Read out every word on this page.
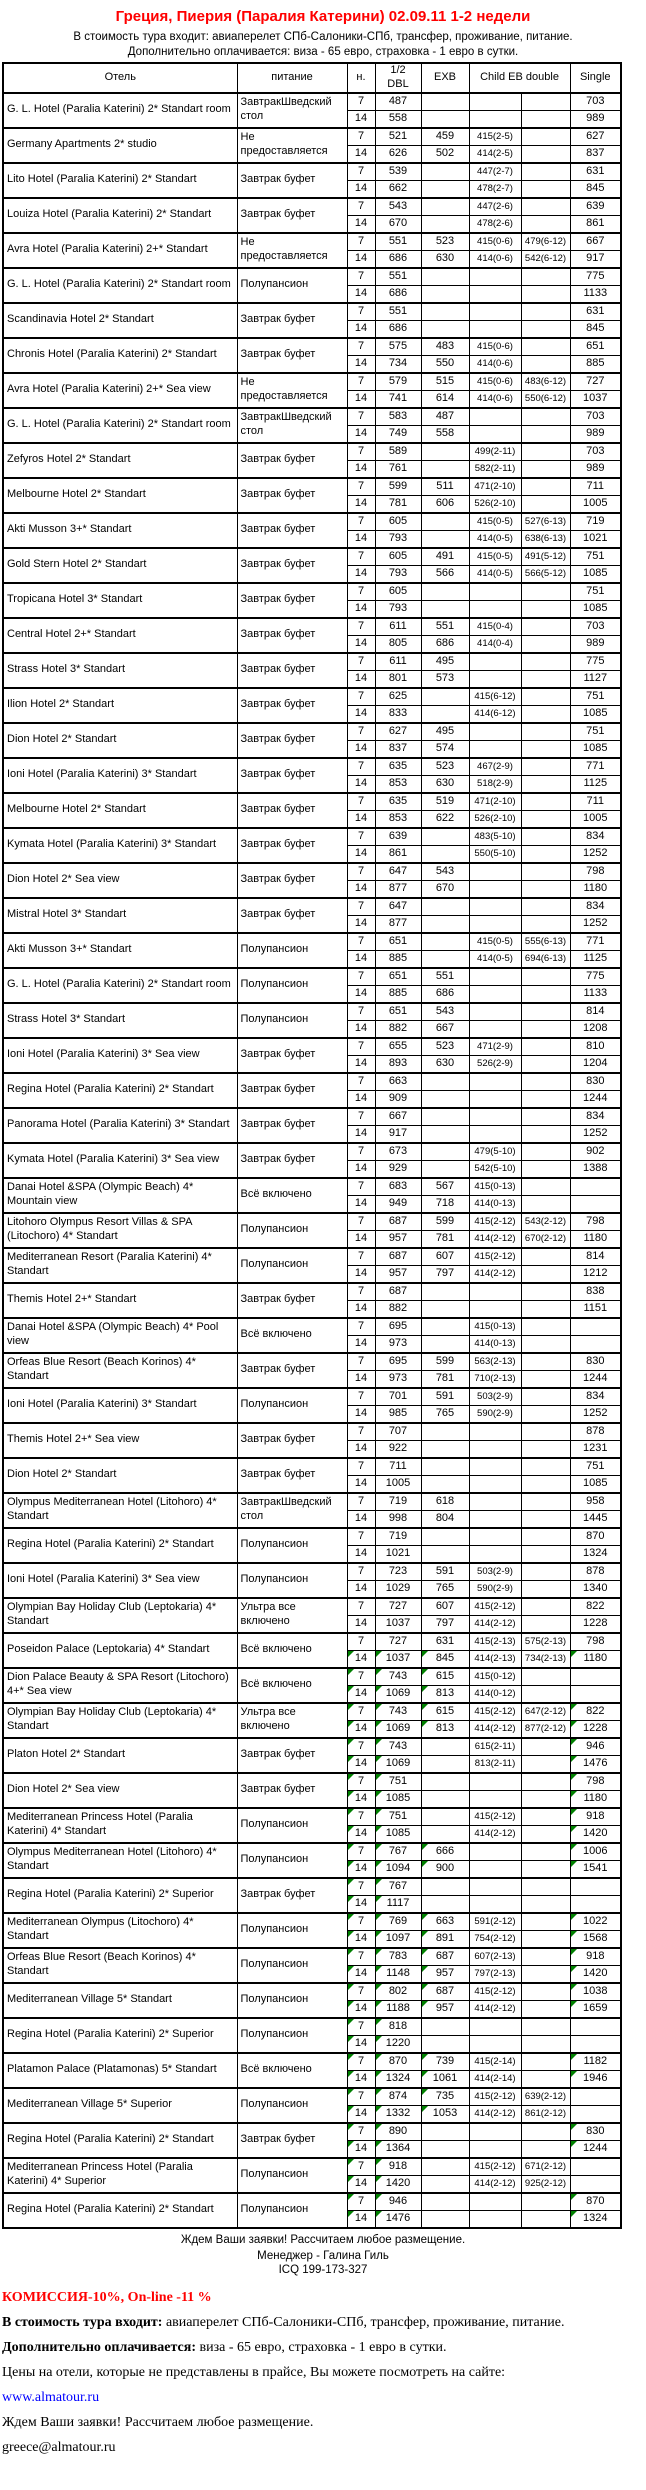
Греция, Пиерия (Паралия Катерини) 02.09.11 1-2 недели
В стоимость тура входит: авиаперелет СПб-Салоники-СПб, трансфер, проживание, питание.
Дополнительно оплачивается: виза - 65 евро, страховка - 1 евро в сутки.
Отель	питание	н.	1/2 DBL	EXB	Child EB double		Single
G. L. Hotel (Paralia Katerini) 2* Standart room	ЗавтракШведский стол	7	487				703
		14	558				989
Germany Apartments 2* studio	Не предоставляется	7	521	459	415(2-5)		627
		14	626	502	414(2-5)		837
Lito Hotel (Paralia Katerini) 2* Standart	Завтрак буфет	7	539		447(2-7)		631
		14	662		478(2-7)		845
Louiza Hotel (Paralia Katerini) 2* Standart	Завтрак буфет	7	543		447(2-6)		639
		14	670		478(2-6)		861
Avra Hotel (Paralia Katerini) 2+* Standart	Не предоставляется	7	551	523	415(0-6)	479(6-12)	667
		14	686	630	414(0-6)	542(6-12)	917
G. L. Hotel (Paralia Katerini) 2* Standart room	Полупансион	7	551				775
		14	686				1133
Scandinavia Hotel 2* Standart	Завтрак буфет	7	551				631
		14	686				845
Chronis Hotel (Paralia Katerini) 2* Standart	Завтрак буфет	7	575	483	415(0-6)		651
		14	734	550	414(0-6)		885
Avra Hotel (Paralia Katerini) 2+* Sea view	Не предоставляется	7	579	515	415(0-6)	483(6-12)	727
		14	741	614	414(0-6)	550(6-12)	1037
G. L. Hotel (Paralia Katerini) 2* Standart room	ЗавтракШведский стол	7	583	487			703
		14	749	558			989
Zefyros Hotel 2* Standart	Завтрак буфет	7	589		499(2-11)		703
		14	761		582(2-11)		989
Melbourne Hotel 2* Standart	Завтрак буфет	7	599	511	471(2-10)		711
		14	781	606	526(2-10)		1005
Akti Musson 3+* Standart	Завтрак буфет	7	605		415(0-5)	527(6-13)	719
		14	793		414(0-5)	638(6-13)	1021
Gold Stern Hotel 2* Standart	Завтрак буфет	7	605	491	415(0-5)	491(5-12)	751
		14	793	566	414(0-5)	566(5-12)	1085
Tropicana Hotel 3* Standart	Завтрак буфет	7	605				751
		14	793				1085
Central Hotel 2+* Standart	Завтрак буфет	7	611	551	415(0-4)		703
		14	805	686	414(0-4)		989
Strass Hotel 3* Standart	Завтрак буфет	7	611	495			775
		14	801	573			1127
Ilion Hotel 2* Standart	Завтрак буфет	7	625		415(6-12)		751
		14	833		414(6-12)		1085
Dion Hotel 2* Standart	Завтрак буфет	7	627	495			751
		14	837	574			1085
Ioni Hotel (Paralia Katerini) 3* Standart	Завтрак буфет	7	635	523	467(2-9)		771
		14	853	630	518(2-9)		1125
Melbourne Hotel 2* Standart	Завтрак буфет	7	635	519	471(2-10)		711
		14	853	622	526(2-10)		1005
Kymata Hotel (Paralia Katerini) 3* Standart	Завтрак буфет	7	639		483(5-10)		834
		14	861		550(5-10)		1252
Dion Hotel 2* Sea view	Завтрак буфет	7	647	543			798
		14	877	670			1180
Mistral Hotel 3* Standart	Завтрак буфет	7	647				834
		14	877				1252
Akti Musson 3+* Standart	Полупансион	7	651		415(0-5)	555(6-13)	771
		14	885		414(0-5)	694(6-13)	1125
G. L. Hotel (Paralia Katerini) 2* Standart room	Полупансион	7	651	551			775
		14	885	686			1133
Strass Hotel 3* Standart	Полупансион	7	651	543			814
		14	882	667			1208
Ioni Hotel (Paralia Katerini) 3* Sea view	Завтрак буфет	7	655	523	471(2-9)		810
		14	893	630	526(2-9)		1204
Regina Hotel (Paralia Katerini) 2* Standart	Завтрак буфет	7	663				830
		14	909				1244
Panorama Hotel (Paralia Katerini) 3* Standart	Завтрак буфет	7	667				834
		14	917				1252
Kymata Hotel (Paralia Katerini) 3* Sea view	Завтрак буфет	7	673		479(5-10)		902
		14	929		542(5-10)		1388
Danai Hotel &SPA (Olympic Beach) 4* Mountain view	Всё включено	7	683	567	415(0-13)		
		14	949	718	414(0-13)		
Litohoro Olympus Resort Villas & SPA (Litochoro) 4* Standart	Полупансион	7	687	599	415(2-12)	543(2-12)	798
		14	957	781	414(2-12)	670(2-12)	1180
Mediterranean Resort (Paralia Katerini) 4* Standart	Полупансион	7	687	607	415(2-12)		814
		14	957	797	414(2-12)		1212
Themis Hotel 2+* Standart	Завтрак буфет	7	687				838
		14	882				1151
Danai Hotel &SPA (Olympic Beach) 4* Pool view	Всё включено	7	695		415(0-13)		
		14	973		414(0-13)		
Orfeas Blue Resort (Beach Korinos) 4* Standart	Завтрак буфет	7	695	599	563(2-13)		830
		14	973	781	710(2-13)		1244
Ioni Hotel (Paralia Katerini) 3* Standart	Полупансион	7	701	591	503(2-9)		834
		14	985	765	590(2-9)		1252
Themis Hotel 2+* Sea view	Завтрак буфет	7	707				878
		14	922				1231
Dion Hotel 2* Standart	Завтрак буфет	7	711				751
		14	1005				1085
Olympus Mediterranean Hotel (Litohoro) 4* Standart	ЗавтракШведский стол	7	719	618			958
		14	998	804			1445
Regina Hotel (Paralia Katerini) 2* Standart	Полупансион	7	719				870
		14	1021				1324
Ioni Hotel (Paralia Katerini) 3* Sea view	Полупансион	7	723	591	503(2-9)		878
		14	1029	765	590(2-9)		1340
Olympian Bay Holiday Club (Leptokaria) 4* Standart	Ультра все включено	7	727	607	415(2-12)		822
		14	1037	797	414(2-12)		1228
Poseidon Palace (Leptokaria) 4* Standart	Всё включено	7	727	631	415(2-13)	575(2-13)	798
		14	1037	845	414(2-13)	734(2-13)	1180
Dion Palace Beauty & SPA Resort (Litochoro) 4+* Sea view	Всё включено	7	743	615	415(0-12)		
		14	1069	813	414(0-12)		
Olympian Bay Holiday Club (Leptokaria) 4* Standart	Ультра все включено	7	743	615	415(2-12)	647(2-12)	822
		14	1069	813	414(2-12)	877(2-12)	1228
Platon Hotel 2* Standart	Завтрак буфет	7	743		615(2-11)		946
		14	1069		813(2-11)		1476
Dion Hotel 2* Sea view	Завтрак буфет	7	751				798
		14	1085				1180
Mediterranean Princess Hotel (Paralia Katerini) 4* Standart	Полупансион	7	751		415(2-12)		918
		14	1085		414(2-12)		1420
Olympus Mediterranean Hotel (Litohoro) 4* Standart	Полупансион	7	767	666			1006
		14	1094	900			1541
Regina Hotel (Paralia Katerini) 2* Superior	Завтрак буфет	7	767				
		14	1117				
Mediterranean Olympus (Litochoro) 4* Standart	Полупансион	7	769	663	591(2-12)		1022
		14	1097	891	754(2-12)		1568
Orfeas Blue Resort (Beach Korinos) 4* Standart	Полупансион	7	783	687	607(2-13)		918
		14	1148	957	797(2-13)		1420
Mediterranean Village 5* Standart	Полупансион	7	802	687	415(2-12)		1038
		14	1188	957	414(2-12)		1659
Regina Hotel (Paralia Katerini) 2* Superior	Полупансион	7	818				
		14	1220				
Platamon Palace (Platamonas) 5* Standart	Всё включено	7	870	739	415(2-14)		1182
		14	1324	1061	414(2-14)		1946
Mediterranean Village 5* Superior	Полупансион	7	874	735	415(2-12)	639(2-12)	
		14	1332	1053	414(2-12)	861(2-12)	
Regina Hotel (Paralia Katerini) 2* Standart	Завтрак буфет	7	890				830
		14	1364				1244
Mediterranean Princess Hotel (Paralia Katerini) 4* Superior	Полупансион	7	918		415(2-12)	671(2-12)	
		14	1420		414(2-12)	925(2-12)	
Regina Hotel (Paralia Katerini) 2* Standart	Полупансион	7	946				870
		14	1476				1324
Ждем Ваши заявки! Рассчитаем любое размещение.
Менеджер - Галина Гиль
ICQ 199-173-327

КОМИССИЯ-10%, On-line -11 %

В стоимость тура входит: авиаперелет СПб-Салоники-СПб, трансфер, проживание, питание.

Дополнительно оплачивается: виза - 65 евро, страховка - 1 евро в сутки.

Цены на отели, которые не представлены в прайсе, Вы можете посмотреть на сайте:

www.almatour.ru

Ждем Ваши заявки! Рассчитаем любое размещение.

greece@almatour.ru
